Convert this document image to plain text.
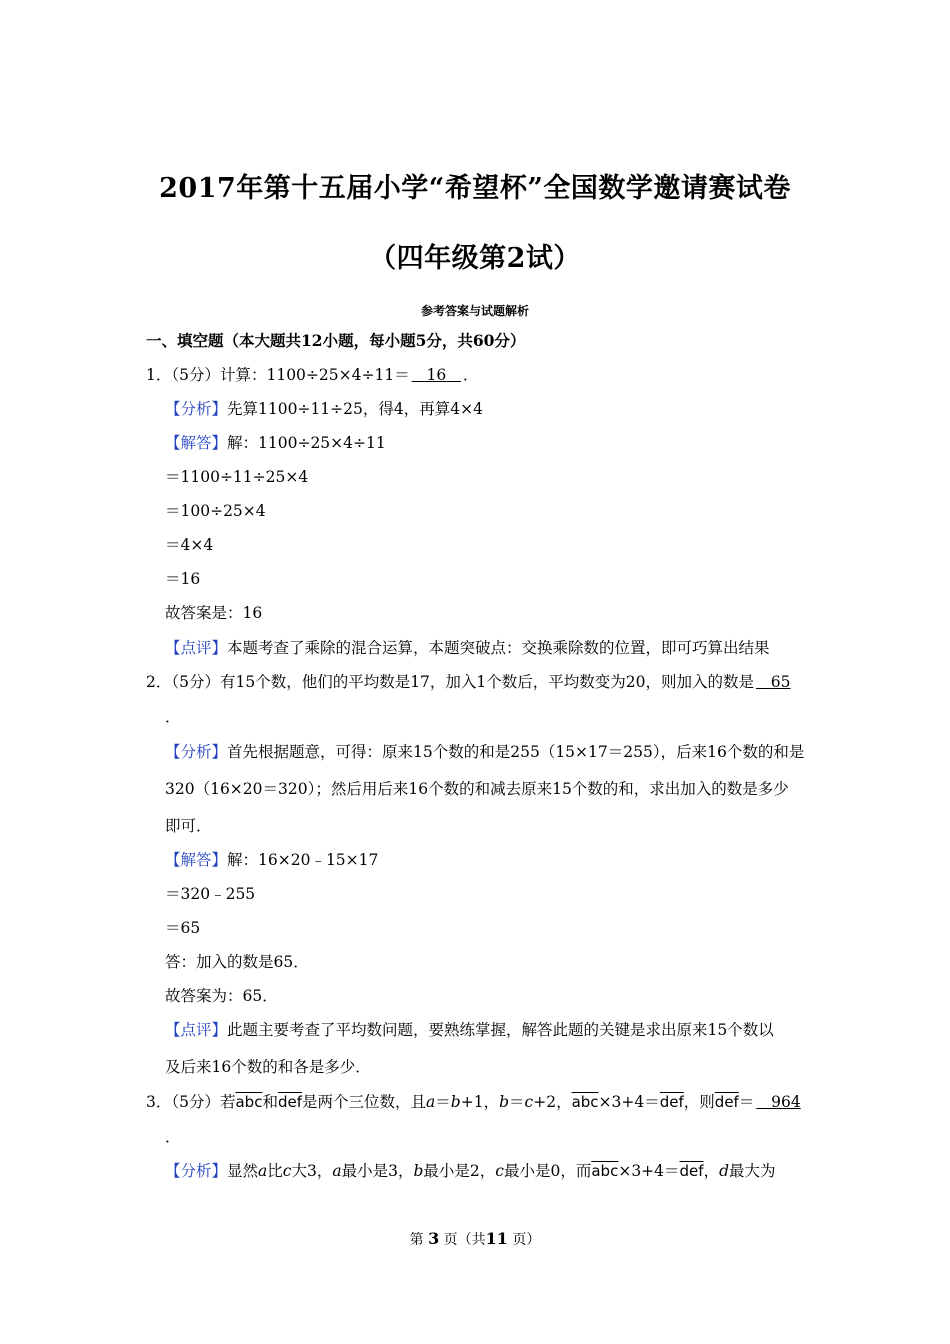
2017年第十五届小学“希望杯”全国数学邀请赛试卷
（四年级第2试）
参考答案与试题解析
一、填空题（本大题共12小题，每小题5分，共60分）
1．（5分）计算：1100÷25×4÷11＝ 16 ．
【分析】先算1100÷11÷25，得4，再算4×4
【解答】解：1100÷25×4÷11
＝1100÷11÷25×4
＝100÷25×4
＝4×4
＝16
故答案是：16
【点评】本题考查了乘除的混合运算，本题突破点：交换乘除数的位置，即可巧算出结果
2．（5分）有15个数，他们的平均数是17，加入1个数后，平均数变为20，则加入的数是 65
．
【分析】首先根据题意，可得：原来15个数的和是255（15×17＝255），后来16个数的和是
320（16×20＝320）；然后用后来16个数的和减去原来15个数的和，求出加入的数是多少
即可．
【解答】解：16×20﹣15×17
＝320﹣255
＝65
答：加入的数是65．
故答案为：65．
【点评】此题主要考查了平均数问题，要熟练掌握，解答此题的关键是求出原来15个数以
及后来16个数的和各是多少．
3．（5分）若$\overline{abc}$和$\overline{def}$是两个三位数，且a＝b+1，b＝c+2，$\overline{abc}\times 3+4=\overline{def}$，则$\overline{def}= 964$
．
【分析】显然a比c大3，a最小是3，b最小是2，c最小是0，而$\overline{abc}\times 3+4=\overline{def}$，d最大为
第 3 页（共11 页）
